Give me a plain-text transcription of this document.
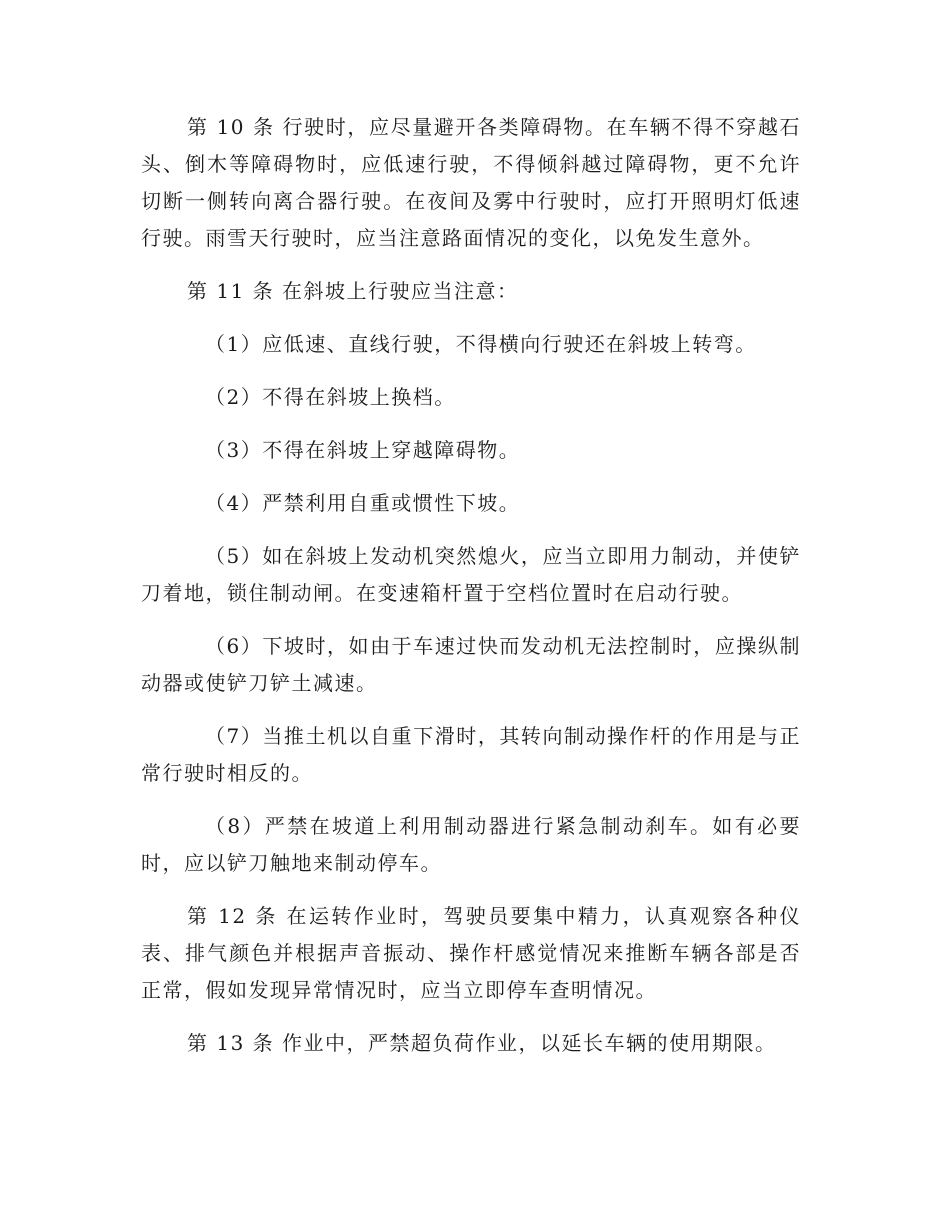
第 10 条 行驶时，应尽量避开各类障碍物。在车辆不得不穿越石头、倒木等障碍物时，应低速行驶，不得倾斜越过障碍物，更不允许切断一侧转向离合器行驶。在夜间及雾中行驶时，应打开照明灯低速行驶。雨雪天行驶时，应当注意路面情况的变化，以免发生意外。

第 11 条 在斜坡上行驶应当注意：

（1）应低速、直线行驶，不得横向行驶还在斜坡上转弯。

（2）不得在斜坡上换档。

（3）不得在斜坡上穿越障碍物。

（4）严禁利用自重或惯性下坡。

（5）如在斜坡上发动机突然熄火，应当立即用力制动，并使铲刀着地，锁住制动闸。在变速箱杆置于空档位置时在启动行驶。

（6）下坡时，如由于车速过快而发动机无法控制时，应操纵制动器或使铲刀铲土减速。

（7）当推土机以自重下滑时，其转向制动操作杆的作用是与正常行驶时相反的。

（8）严禁在坡道上利用制动器进行紧急制动刹车。如有必要时，应以铲刀触地来制动停车。

第 12 条 在运转作业时，驾驶员要集中精力，认真观察各种仪表、排气颜色并根据声音振动、操作杆感觉情况来推断车辆各部是否正常，假如发现异常情况时，应当立即停车查明情况。

第 13 条 作业中，严禁超负荷作业，以延长车辆的使用期限。
